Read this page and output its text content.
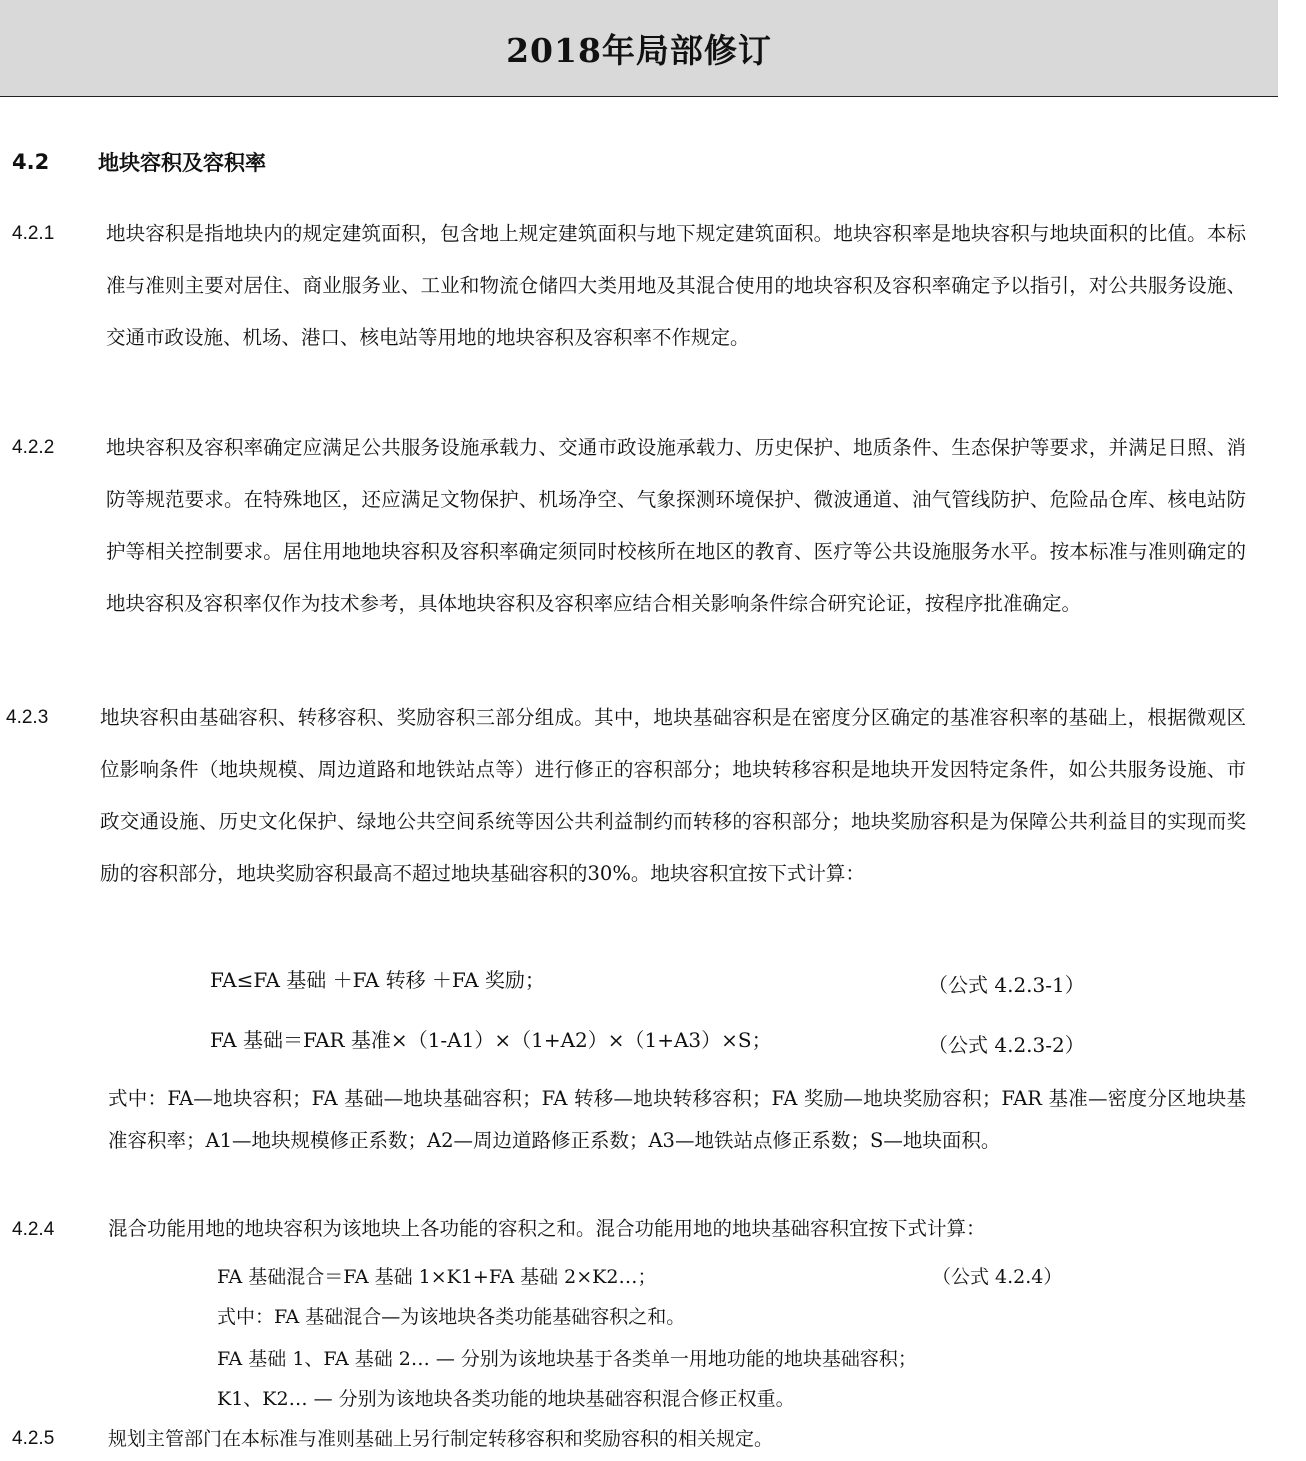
2018年局部修订
4.2	地块容积及容积率
4.2.1	地块容积是指地块内的规定建筑面积，包含地上规定建筑面积与地下规定建筑面积。地块容积率是地块容积与地块面积的比值。本标准与准则主要对居住、商业服务业、工业和物流仓储四大类用地及其混合使用的地块容积及容积率确定予以指引，对公共服务设施、交通市政设施、机场、港口、核电站等用地的地块容积及容积率不作规定。
4.2.2	地块容积及容积率确定应满足公共服务设施承载力、交通市政设施承载力、历史保护、地质条件、生态保护等要求，并满足日照、消防等规范要求。在特殊地区，还应满足文物保护、机场净空、气象探测环境保护、微波通道、油气管线防护、危险品仓库、核电站防护等相关控制要求。居住用地地块容积及容积率确定须同时校核所在地区的教育、医疗等公共设施服务水平。按本标准与准则确定的地块容积及容积率仅作为技术参考，具体地块容积及容积率应结合相关影响条件综合研究论证，按程序批准确定。
4.2.3	地块容积由基础容积、转移容积、奖励容积三部分组成。其中，地块基础容积是在密度分区确定的基准容积率的基础上，根据微观区位影响条件（地块规模、周边道路和地铁站点等）进行修正的容积部分；地块转移容积是地块开发因特定条件，如公共服务设施、市政交通设施、历史文化保护、绿地公共空间系统等因公共利益制约而转移的容积部分；地块奖励容积是为保障公共利益目的实现而奖励的容积部分，地块奖励容积最高不超过地块基础容积的30%。地块容积宜按下式计算：
FA≤FA 基础 ＋FA 转移 ＋FA 奖励；	（公式 4.2.3-1）
FA 基础＝FAR 基准×（1-A1）×（1+A2）×（1+A3）×S；	（公式 4.2.3-2）
式中：FA—地块容积；FA 基础—地块基础容积；FA 转移—地块转移容积；FA 奖励—地块奖励容积；FAR 基准—密度分区地块基准容积率；A1—地块规模修正系数；A2—周边道路修正系数；A3—地铁站点修正系数；S—地块面积。
4.2.4	混合功能用地的地块容积为该地块上各功能的容积之和。混合功能用地的地块基础容积宜按下式计算：
FA 基础混合＝FA 基础 1×K1+FA 基础 2×K2…；	（公式 4.2.4）
式中：FA 基础混合—为该地块各类功能基础容积之和。
FA 基础 1、FA 基础 2… — 分别为该地块基于各类单一用地功能的地块基础容积；
K1、K2… — 分别为该地块各类功能的地块基础容积混合修正权重。
4.2.5	规划主管部门在本标准与准则基础上另行制定转移容积和奖励容积的相关规定。
